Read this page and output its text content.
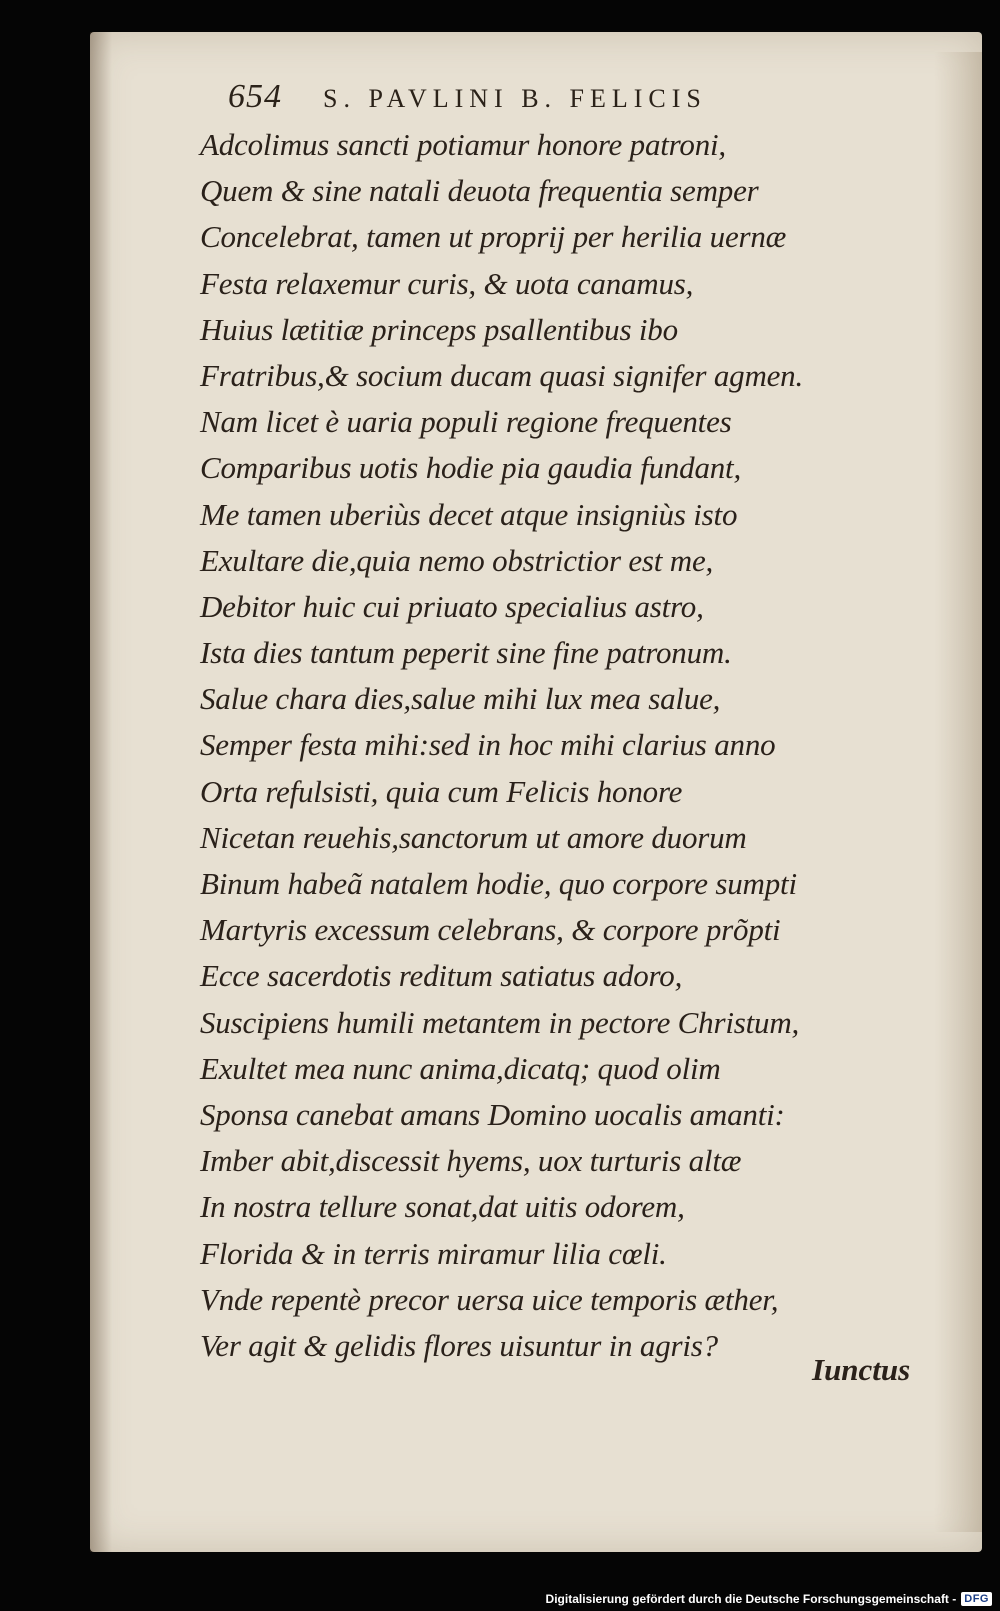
654 S. PAVLINI B. FELICIS
Adcolimus sancti potiamur honore patroni,
Quem & sine natali deuota frequentia semper
Concelebrat, tamen ut proprij per herilia uernæ
Festa relaxemur curis, & uota canamus,
Huius lætitiæ princeps psallentibus ibo
Fratribus,& socium ducam quasi signifer agmen.
Nam licet è uaria populi regione frequentes
Comparibus uotis hodie pia gaudia fundant,
Me tamen uberiùs decet atque insigniùs isto
Exultare die,quia nemo obstrictior est me,
Debitor huic cui priuato specialius astro,
Ista dies tantum peperit sine fine patronum.
Salue chara dies,salue mihi lux mea salue,
Semper festa mihi:sed in hoc mihi clarius anno
Orta refulsisti, quia cum Felicis honore
Nicetan reuehis,sanctorum ut amore duorum
Binum habeã natalem hodie, quo corpore sumpti
Martyris excessum celebrans, & corpore prõpti
Ecce sacerdotis reditum satiatus adoro,
Suscipiens humili metantem in pectore Christum,
Exultet mea nunc anima,dicatq; quod olim
Sponsa canebat amans Domino uocalis amanti:
Imber abit,discessit hyems, uox turturis altæ
In nostra tellure sonat,dat uitis odorem,
Florida & in terris miramur lilia cœli.
Vnde repentè precor uersa uice temporis æther,
Ver agit & gelidis flores uisuntur in agris?
Iunctus
Digitalisierung gefördert durch die Deutsche Forschungsgemeinschaft - DFG
